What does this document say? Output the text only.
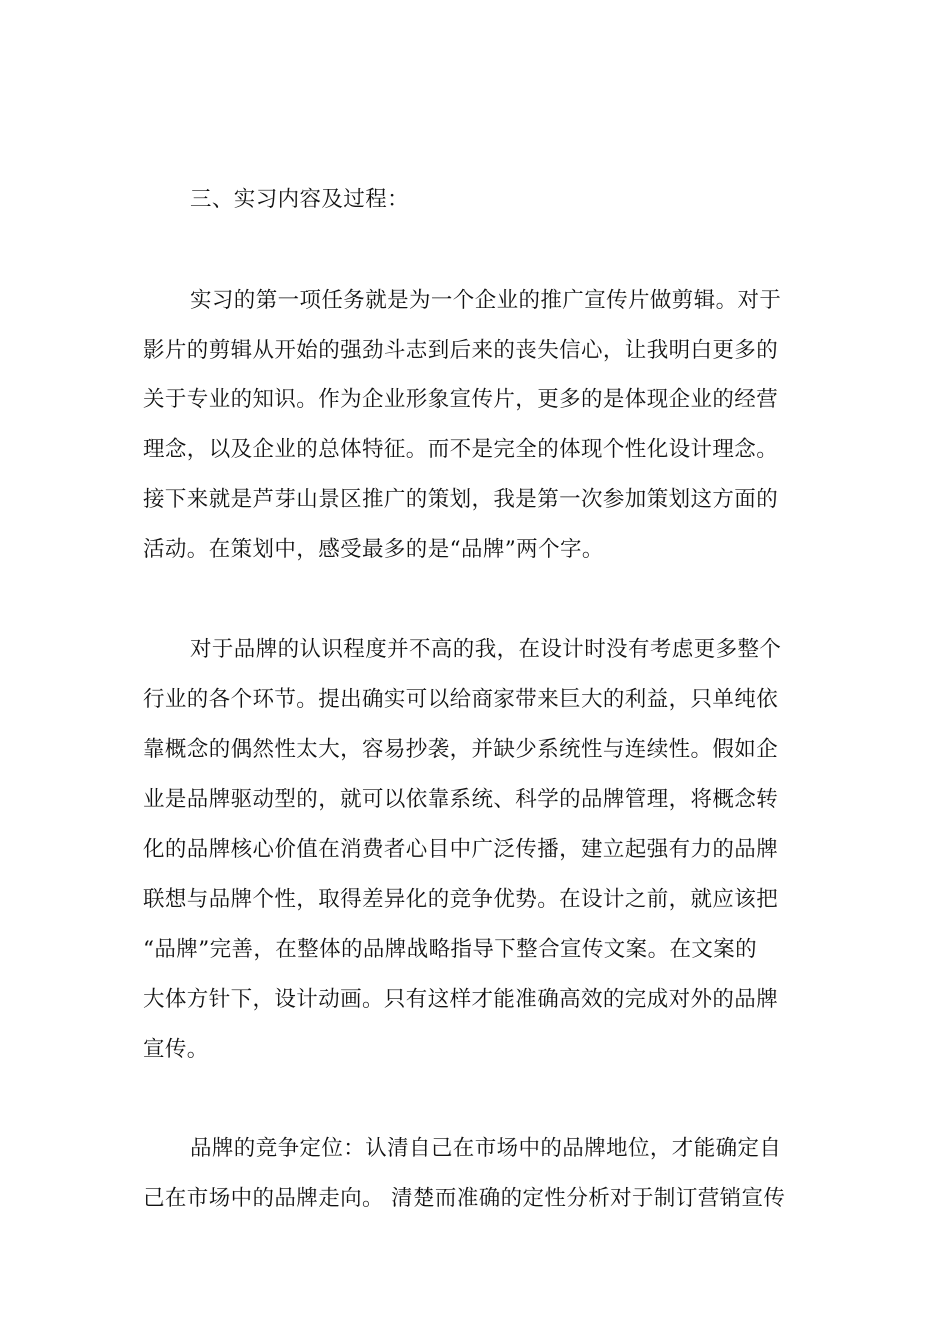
三、实习内容及过程：
实习的第一项任务就是为一个企业的推广宣传片做剪辑。对于
影片的剪辑从开始的强劲斗志到后来的丧失信心，让我明白更多的
关于专业的知识。作为企业形象宣传片，更多的是体现企业的经营
理念，以及企业的总体特征。而不是完全的体现个性化设计理念。
接下来就是芦芽山景区推广的策划，我是第一次参加策划这方面的
活动。在策划中，感受最多的是“品牌”两个字。
对于品牌的认识程度并不高的我，在设计时没有考虑更多整个
行业的各个环节。提出确实可以给商家带来巨大的利益，只单纯依
靠概念的偶然性太大，容易抄袭，并缺少系统性与连续性。假如企
业是品牌驱动型的，就可以依靠系统、科学的品牌管理，将概念转
化的品牌核心价值在消费者心目中广泛传播，建立起强有力的品牌
联想与品牌个性，取得差异化的竞争优势。在设计之前，就应该把
“品牌”完善，在整体的品牌战略指导下整合宣传文案。在文案的
大体方针下，设计动画。只有这样才能准确高效的完成对外的品牌
宣传。
品牌的竞争定位：认清自己在市场中的品牌地位，才能确定自
己在市场中的品牌走向。 清楚而准确的定性分析对于制订营销宣传
